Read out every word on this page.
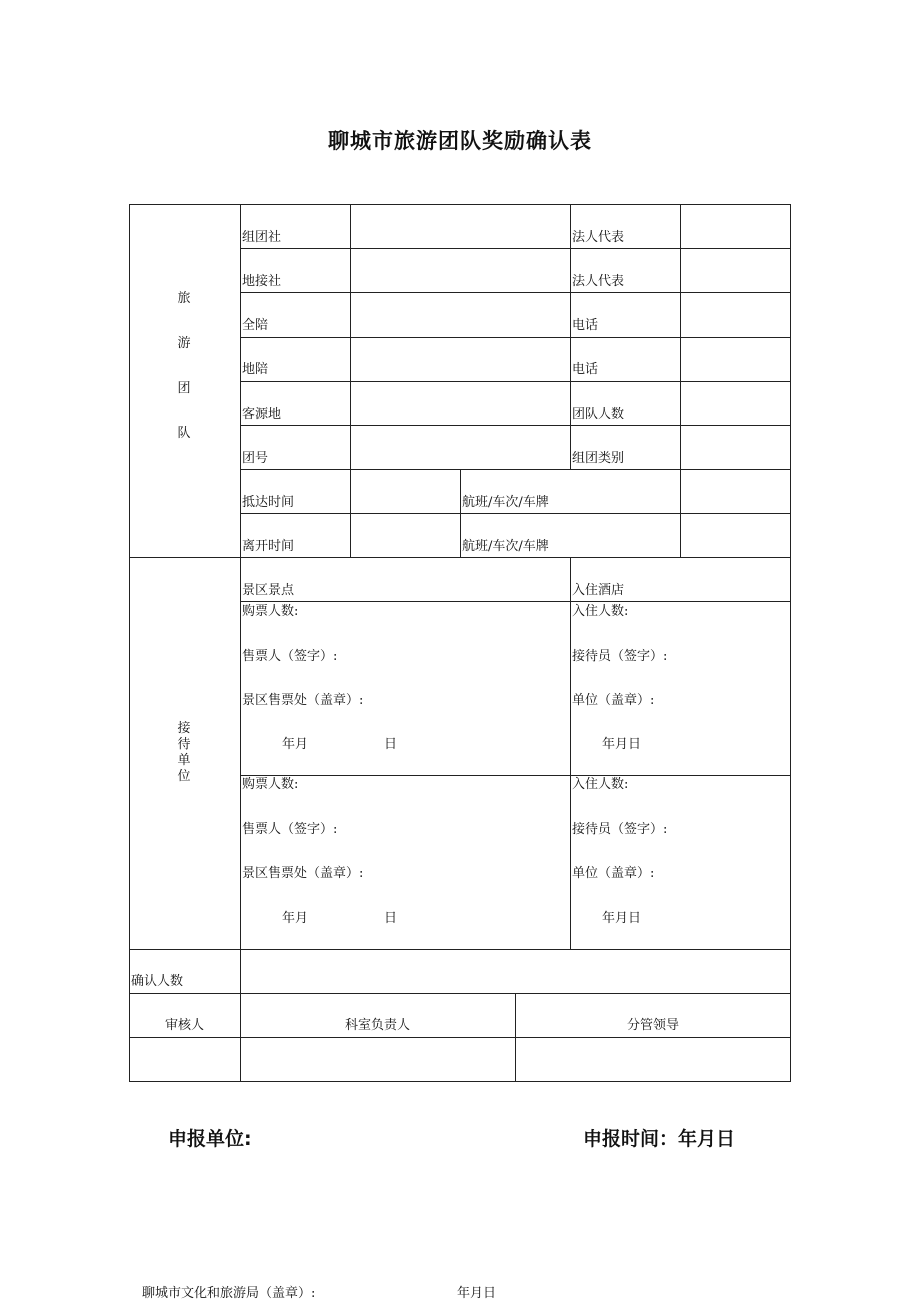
聊城市旅游团队奖励确认表
旅
游
团
队
组团社	法人代表
地接社	法人代表
全陪	电话
地陪	电话
客源地	团队人数
团号	组团类别
抵达时间	航班/车次/车牌
离开时间	航班/车次/车牌
接
待
单
位
景区景点	入住酒店
购票人数:
售票人（签字）:
景区售票处（盖章）:
年月	日
入住人数:
接待员（签字）:
单位（盖章）:
年月日
购票人数:
售票人（签字）:
景区售票处（盖章）:
年月	日
入住人数:
接待员（签字）:
单位（盖章）:
年月日
确认人数
审核人	科室负责人	分管领导
申报单位:	申报时间：年月日
聊城市文化和旅游局（盖章）:	年月日
